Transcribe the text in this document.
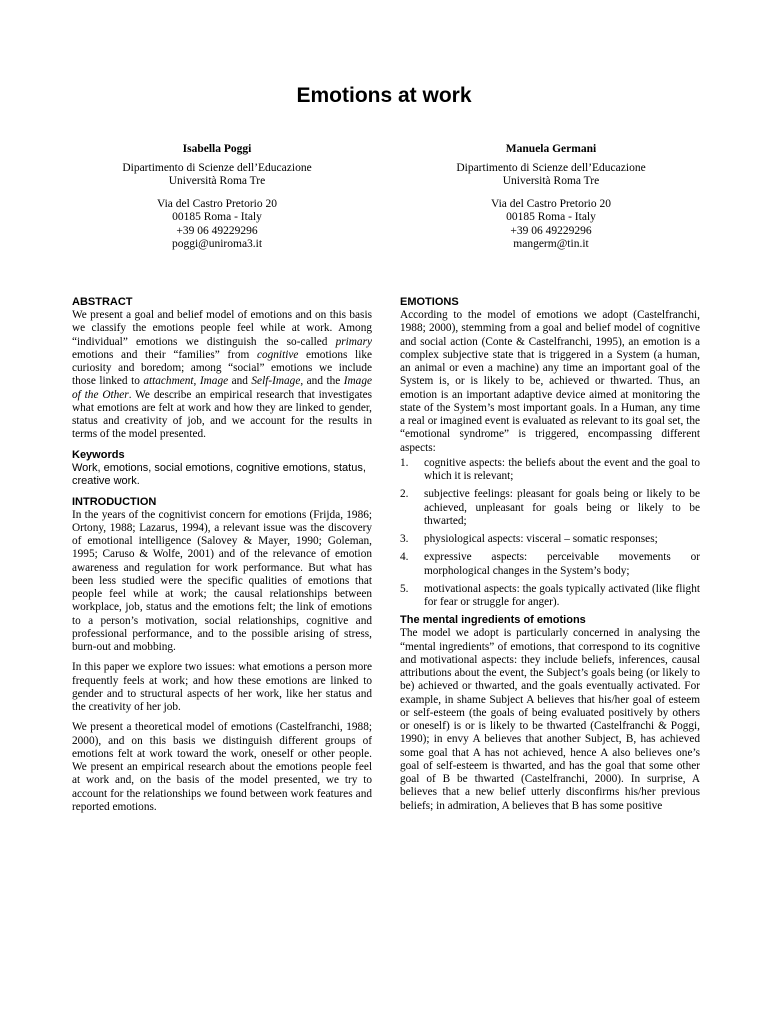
Emotions at work
Isabella Poggi
Dipartimento di Scienze dell’Educazione
Università Roma Tre
Via del Castro Pretorio 20
00185 Roma - Italy
+39 06 49229296
poggi@uniroma3.it
Manuela Germani
Dipartimento di Scienze dell’Educazione
Università Roma Tre
Via del Castro Pretorio 20
00185 Roma - Italy
+39 06 49229296
mangerm@tin.it
ABSTRACT

We present a goal and belief model of emotions and on this basis we classify the emotions people feel while at work. Among “individual” emotions we distinguish the so-called primary emotions and their “families” from cognitive emotions like curiosity and boredom; among “social” emotions we include those linked to attachment, Image and Self-Image, and the Image of the Other. We describe an empirical research that investigates what emotions are felt at work and how they are linked to gender, status and creativity of job, and we account for the results in terms of the model presented.

Keywords
Work, emotions, social emotions, cognitive emotions, status, creative work.
INTRODUCTION

In the years of the cognitivist concern for emotions (Frijda, 1986; Ortony, 1988; Lazarus, 1994), a relevant issue was the discovery of emotional intelligence (Salovey & Mayer, 1990; Goleman, 1995; Caruso & Wolfe, 2001) and of the relevance of emotion awareness and regulation for work performance. But what has been less studied were the specific qualities of emotions that people feel while at work; the causal relationships between workplace, job, status and the emotions felt; the link of emotions to a person’s motivation, social relationships, cognitive and professional performance, and to the possible arising of stress, burn-out and mobbing.

In this paper we explore two issues: what emotions a person more frequently feels at work; and how these emotions are linked to gender and to structural aspects of her work, like her status and the creativity of her job.

We present a theoretical model of emotions (Castelfranchi, 1988; 2000), and on this basis we distinguish different groups of emotions felt at work toward the work, oneself or other people. We present an empirical research about the emotions people feel at work and, on the basis of the model presented, we try to account for the relationships we found between work features and reported emotions.

EMOTIONS

According to the model of emotions we adopt (Castelfranchi, 1988; 2000), stemming from a goal and belief model of cognitive and social action (Conte & Castelfranchi, 1995), an emotion is a complex subjective state that is triggered in a System (a human, an animal or even a machine) any time an important goal of the System is, or is likely to be, achieved or thwarted. Thus, an emotion is an important adaptive device aimed at monitoring the state of the System’s most important goals. In a Human, any time a real or imagined event is evaluated as relevant to its goal set, the “emotional syndrome” is triggered, encompassing different aspects:

1.	cognitive aspects: the beliefs about the event and the goal to which it is relevant;
2.	subjective feelings: pleasant for goals being or likely to be achieved, unpleasant for goals being or likely to be thwarted;
3.	physiological aspects: visceral – somatic responses;
4.	expressive aspects: perceivable movements or morphological changes in the System’s body;
5.	motivational aspects: the goals typically activated (like flight for fear or struggle for anger).
The mental ingredients of emotions

The model we adopt is particularly concerned in analysing the “mental ingredients” of emotions, that correspond to its cognitive and motivational aspects: they include beliefs, inferences, causal attributions about the event, the Subject’s goals being (or likely to be) achieved or thwarted, and the goals eventually activated. For example, in shame Subject A believes that his/her goal of esteem or self-esteem (the goals of being evaluated positively by others or oneself) is or is likely to be thwarted (Castelfranchi & Poggi, 1990); in envy A believes that another Subject, B, has achieved some goal that A has not achieved, hence A also believes one’s goal of self-esteem is thwarted, and has the goal that some other goal of B be thwarted (Castelfranchi, 2000). In surprise, A believes that a new belief utterly disconfirms his/her previous beliefs; in admiration, A believes that B has some positive
